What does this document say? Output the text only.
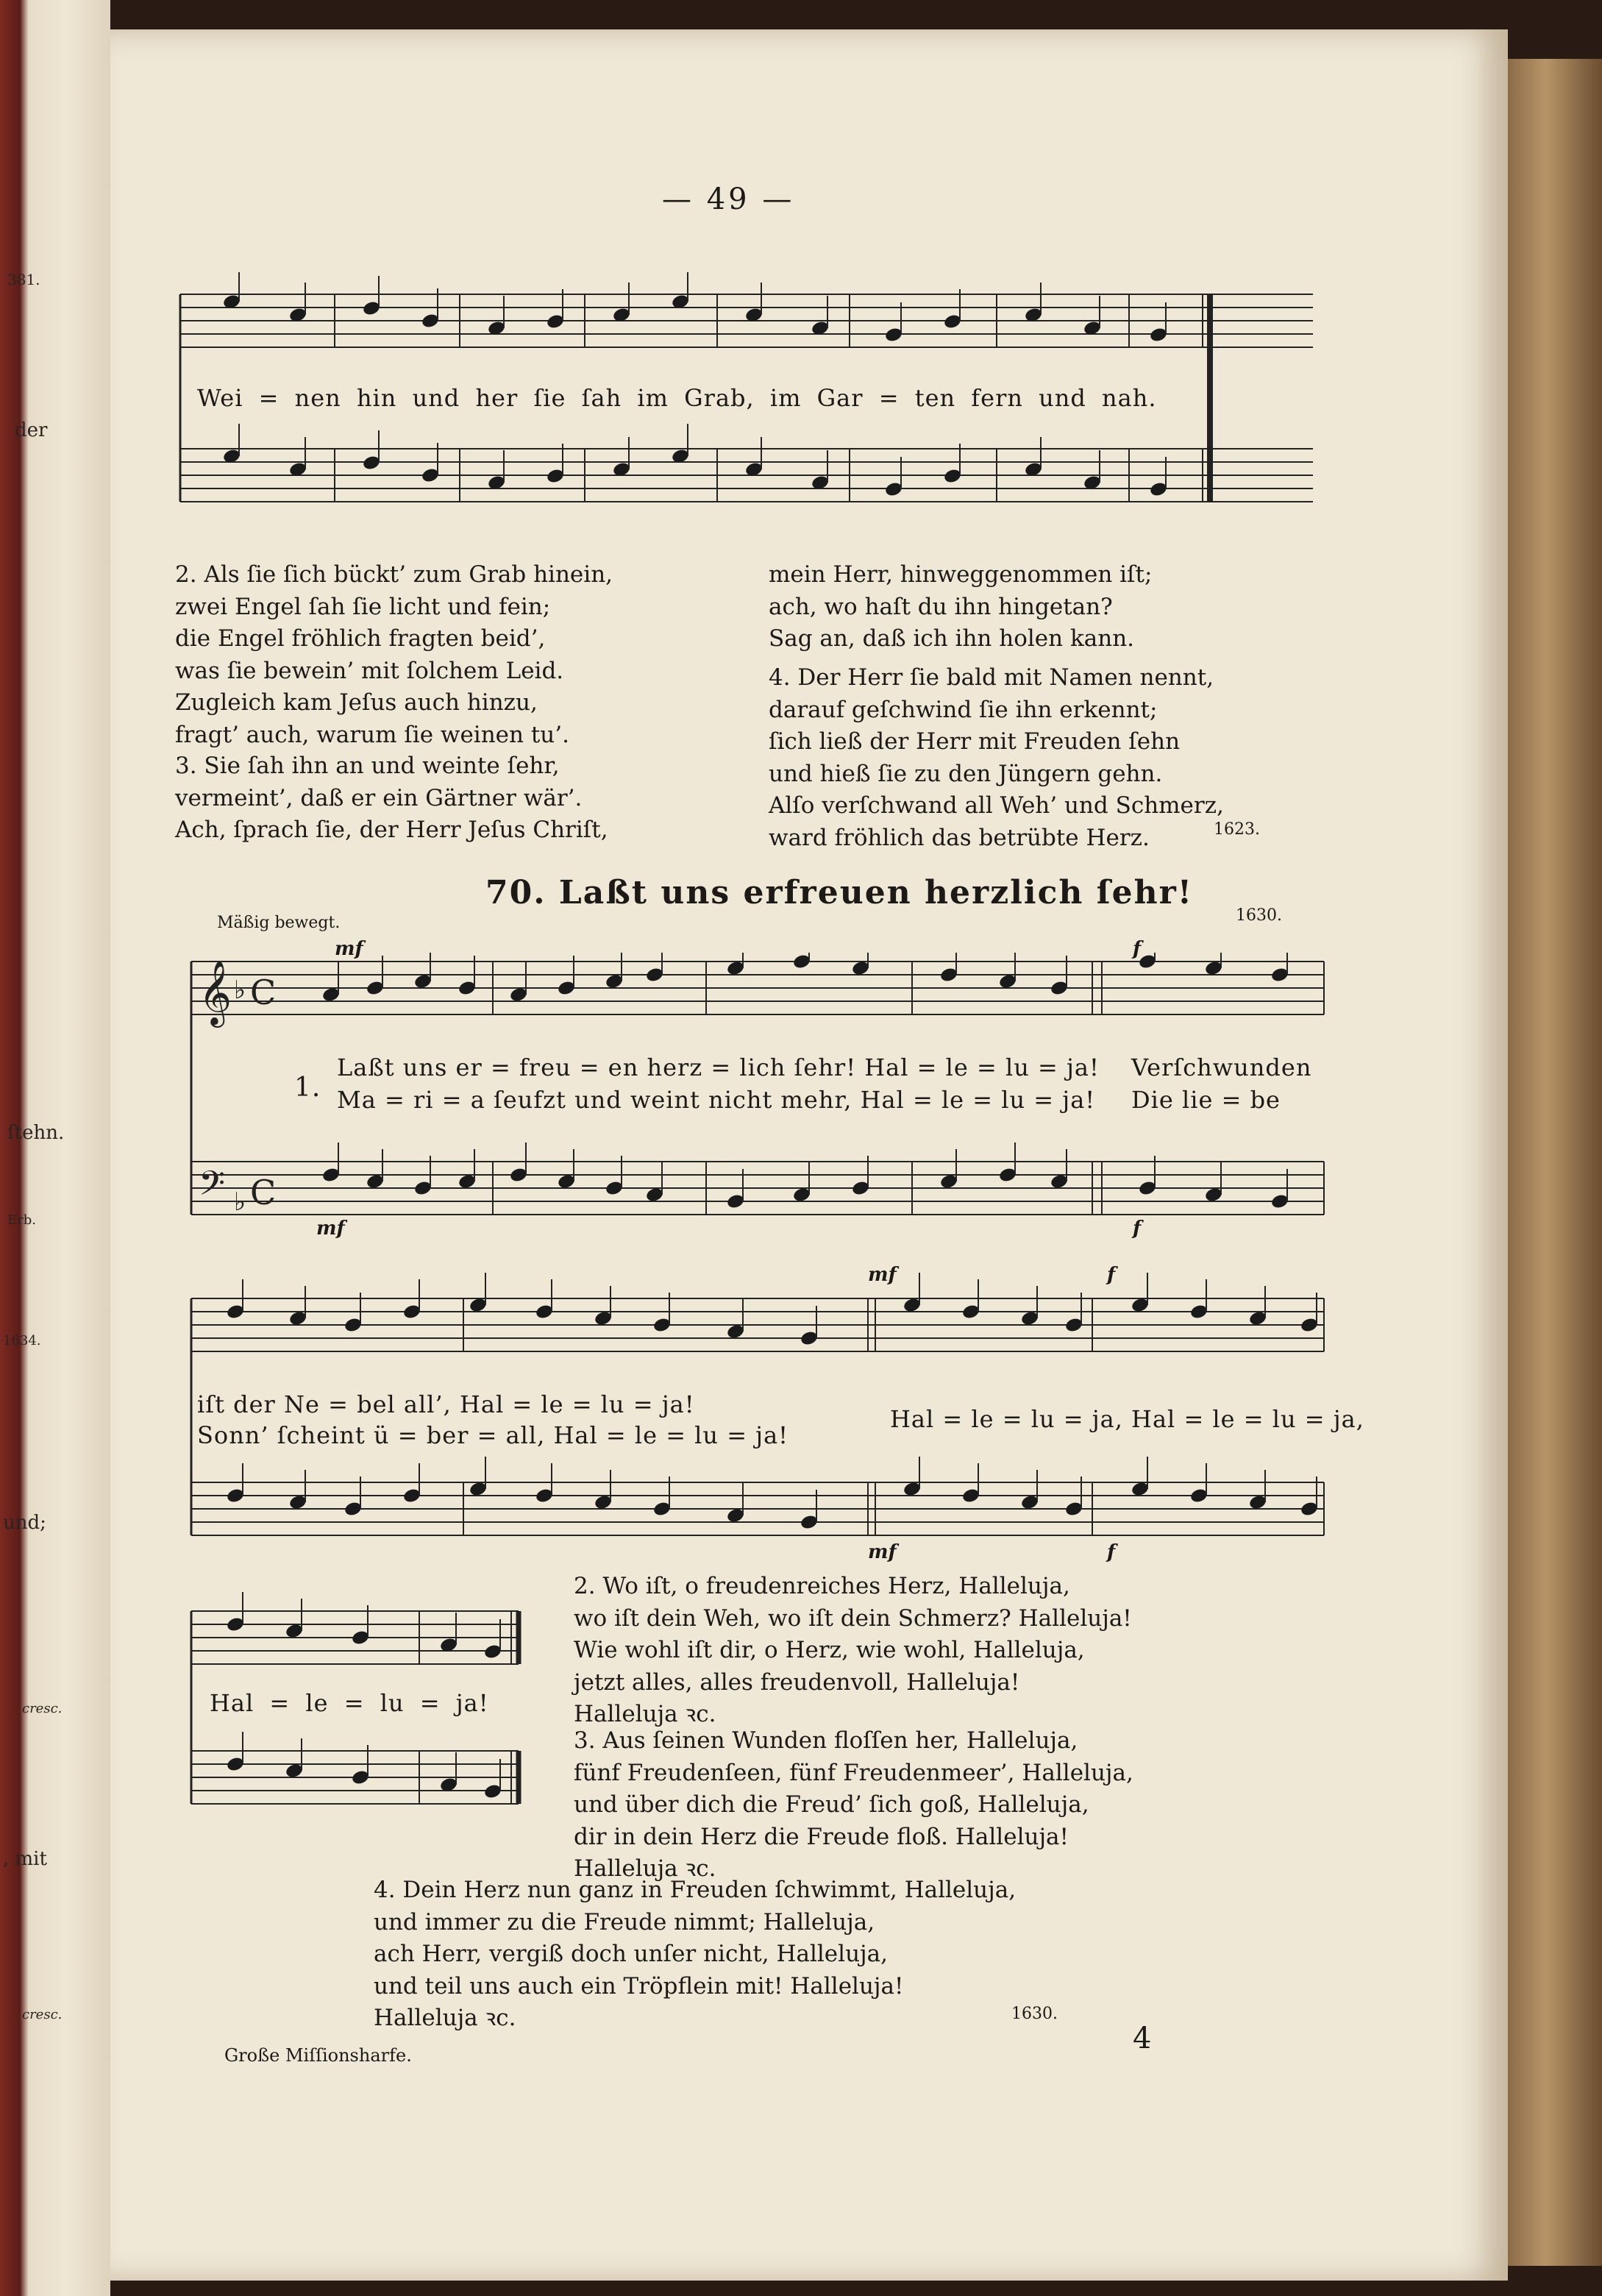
381.
der
ſtehn.
Erb.
1634.
und;
cresc.
, mit
cresc.
— 49 —
Wei = nen hin und her ſie ſah im Grab, im Gar = ten fern und nah.
2. Als ſie ſich bückt’ zum Grab hinein,
zwei Engel ſah ſie licht und fein;
die Engel fröhlich fragten beid’,
was ſie bewein’ mit ſolchem Leid.
Zugleich kam Jeſus auch hinzu,
fragt’ auch, warum ſie weinen tu’.
3. Sie ſah ihn an und weinte ſehr,
vermeint’, daß er ein Gärtner wär’.
Ach, ſprach ſie, der Herr Jeſus Chriſt,
mein Herr, hinweggenommen iſt;
ach, wo haſt du ihn hingetan?
Sag an, daß ich ihn holen kann.
4. Der Herr ſie bald mit Namen nennt,
darauf geſchwind ſie ihn erkennt;
ſich ließ der Herr mit Freuden ſehn
und hieß ſie zu den Jüngern gehn.
Alſo verſchwand all Weh’ und Schmerz,
ward fröhlich das betrübte Herz.	1623.
70. Laßt uns erfreuen herzlich ſehr!
Mäßig bewegt.	1630.
mf	f
𝄞 ♭ C
𝄢 ♭ C
1.
Laßt uns er = freu = en herz = lich ſehr! Hal = le = lu = ja!
Ma = ri = a ſeufzt und weint nicht mehr, Hal = le = lu = ja!
Verſchwunden
Die lie = be
mf	f
mf	f
iſt der Ne = bel all’, Hal = le = lu = ja!
Sonn’ ſcheint ü = ber = all, Hal = le = lu = ja!
Hal = le = lu = ja, Hal = le = lu = ja,
mf	f
Hal = le = lu = ja!
2. Wo iſt, o freudenreiches Herz, Halleluja,
wo iſt dein Weh, wo iſt dein Schmerz? Halleluja!
Wie wohl iſt dir, o Herz, wie wohl, Halleluja,
jetzt alles, alles freudenvoll, Halleluja!
Halleluja ꝛc.
3. Aus ſeinen Wunden floſſen her, Halleluja,
fünf Freudenſeen, fünf Freudenmeer’, Halleluja,
und über dich die Freud’ ſich goß, Halleluja,
dir in dein Herz die Freude floß. Halleluja!
Halleluja ꝛc.
4. Dein Herz nun ganz in Freuden ſchwimmt, Halleluja,
und immer zu die Freude nimmt; Halleluja,
ach Herr, vergiß doch unſer nicht, Halleluja,
und teil uns auch ein Tröpflein mit! Halleluja!
Halleluja ꝛc.	1630.
Große Miſſionsharfe.	4
